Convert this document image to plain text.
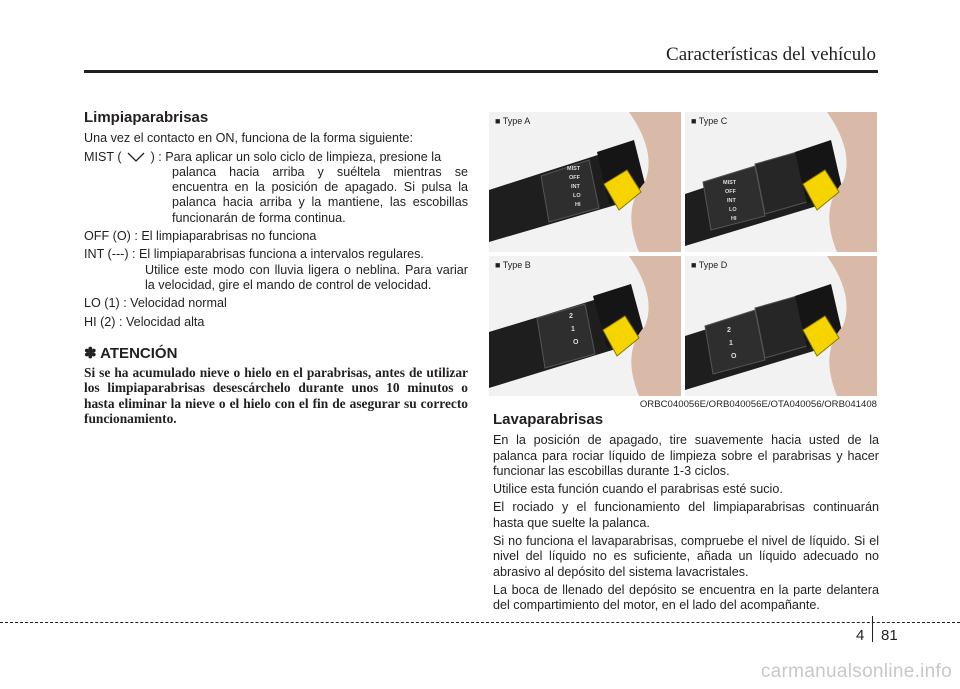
Características del vehículo
Limpiaparabrisas

Una vez el contacto en ON, funciona de la forma siguiente:

MIST ( ) : Para aplicar un solo ciclo de limpieza, presione la

palanca hacia arriba y suéltela mientras se encuentra en la posición de apagado. Si pulsa la palanca hacia arriba y la mantiene, las escobillas funcionarán de forma continua.

OFF (O) : El limpiaparabrisas no funciona

INT (---) : El limpiaparabrisas funciona a intervalos regulares.

Utilice este modo con lluvia ligera o neblina. Para variar la velocidad, gire el mando de control de velocidad.

LO (1) : Velocidad normal

HI (2) : Velocidad alta

✽ ATENCIÓN

Si se ha acumulado nieve o hielo en el parabrisas, antes de utilizar los limpiaparabrisas desescárchelo durante unos 10 minutos o hasta eliminar la nieve o el hielo con el fin de asegurar su correcto funcionamiento.

■ Type A
MIST
OFF
INT
LO
HI
■ Type C
MIST
OFF
INT
LO
HI
■ Type B
2
1
O
■ Type D
2
1
O
ORBC040056E/ORB040056E/OTA040056/ORB041408
Lavaparabrisas

En la posición de apagado, tire suavemente hacia usted de la palanca para rociar líquido de limpieza sobre el parabrisas y hacer funcionar las escobillas durante 1-3 ciclos.

Utilice esta función cuando el parabrisas esté sucio.

El rociado y el funcionamiento del limpiaparabrisas continuarán hasta que suelte la palanca.

Si no funciona el lavaparabrisas, compruebe el nivel de líquido. Si el nivel del líquido no es suficiente, añada un líquido adecuado no abrasivo al depósito del sistema lavacristales.

La boca de llenado del depósito se encuentra en la parte delantera del compartimiento del motor, en el lado del acompañante.

4 81
carmanualsonline.info
